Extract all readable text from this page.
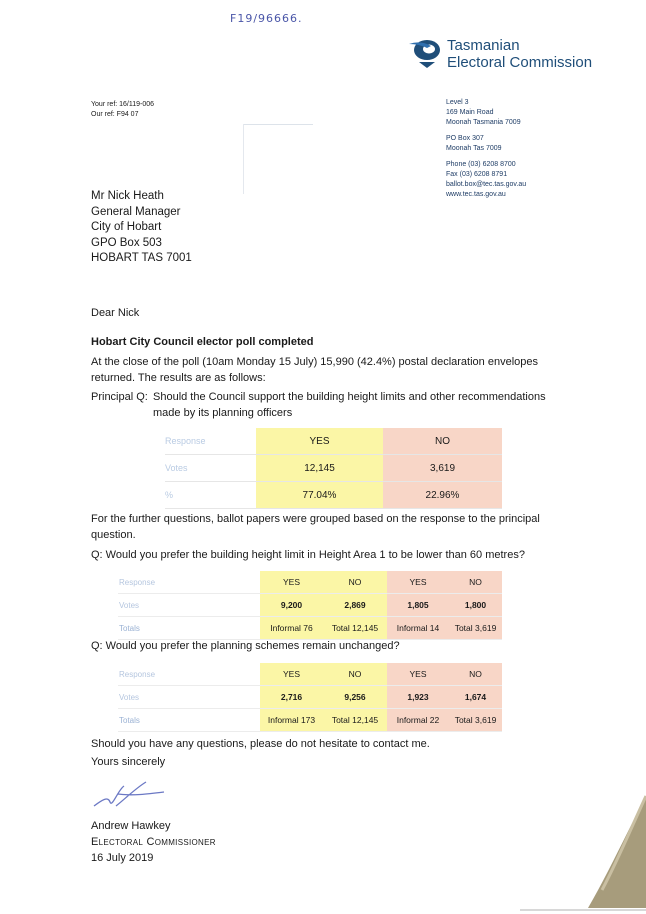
F19/96666.
Tasmanian
Electoral Commission
Your ref: 16/119-006
Our ref: F94 07
Level 3
169 Main Road
Moonah Tasmania 7009
PO Box 307
Moonah Tas 7009
Phone (03) 6208 8700
Fax (03) 6208 8791
ballot.box@tec.tas.gov.au
www.tec.tas.gov.au
Mr Nick Heath
General Manager
City of Hobart
GPO Box 503
HOBART TAS 7001
Dear Nick
Hobart City Council elector poll completed
At the close of the poll (10am Monday 15 July) 15,990 (42.4%) postal declaration envelopes returned. The results are as follows:
Principal Q: Should the Council support the building height limits and other recommendations made by its planning officers
Response	YES	NO
Votes	12,145	3,619
%	77.04%	22.96%
For the further questions, ballot papers were grouped based on the response to the principal question.
Q: Would you prefer the building height limit in Height Area 1 to be lower than 60 metres?
Response	YES	NO	YES	NO
Votes	9,200	2,869	1,805	1,800
Totals	Informal 76	Total 12,145	Informal 14	Total 3,619
Q: Would you prefer the planning schemes remain unchanged?
Response	YES	NO	YES	NO
Votes	2,716	9,256	1,923	1,674
Totals	Informal 173	Total 12,145	Informal 22	Total 3,619
Should you have any questions, please do not hesitate to contact me.
Yours sincerely
Andrew Hawkey
Electoral Commissioner
16 July 2019
